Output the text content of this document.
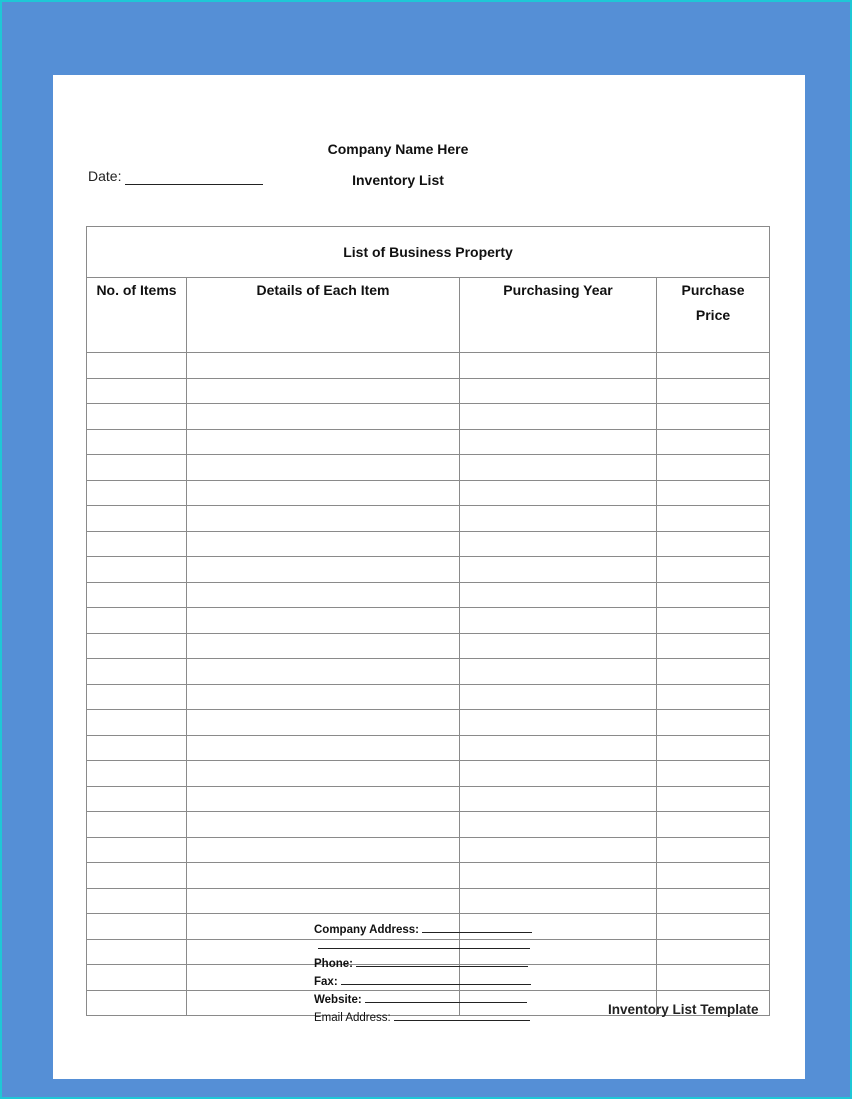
Company Name Here
Inventory List
Date:
List of Business Property			
No. of Items	Details of Each Item	Purchasing Year	Purchase Price

Company Address:
Phone:
Fax:
Website:
Email Address:
Inventory List Template
